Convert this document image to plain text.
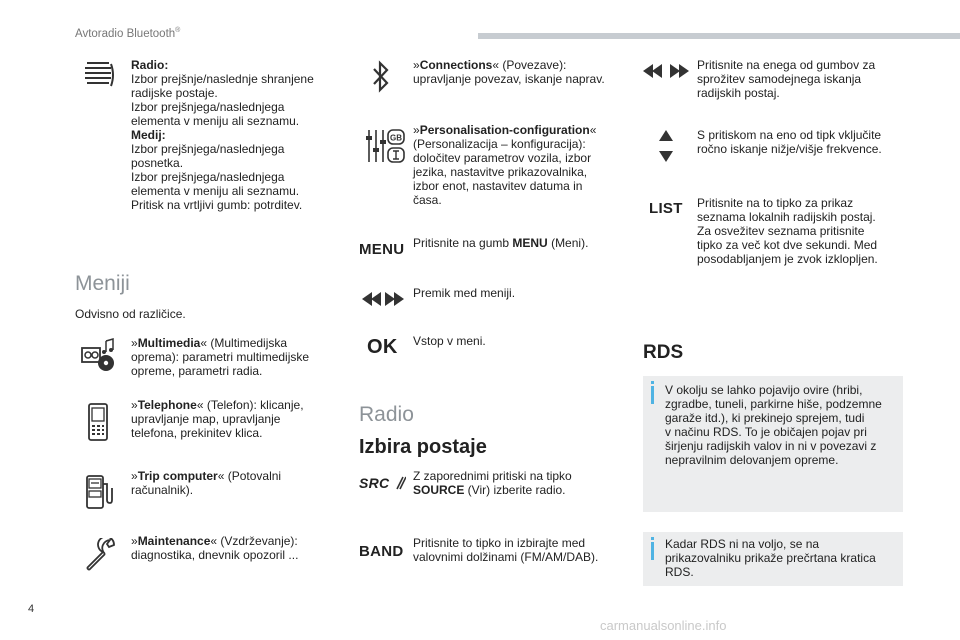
Avtoradio Bluetooth®
Radio:
Izbor prejšnje/naslednje shranjene
radijske postaje.
Izbor prejšnjega/naslednjega
elementa v meniju ali seznamu.
Medij:
Izbor prejšnjega/naslednjega
posnetka.
Izbor prejšnjega/naslednjega
elementa v meniju ali seznamu.
Pritisk na vrtljivi gumb: potrditev.
Meniji
Odvisno od različice.
»Multimedia« (Multimedijska
oprema): parametri multimedijske
opreme, parametri radia.
»Telephone« (Telefon): klicanje,
upravljanje map, upravljanje
telefona, prekinitev klica.
»Trip computer« (Potovalni
računalnik).
»Maintenance« (Vzdrževanje):
diagnostika, dnevnik opozoril ...
»Connections« (Povezave):
upravljanje povezav, iskanje naprav.
GB
»Personalisation-configuration«
(Personalizacija – konfiguracija):
določitev parametrov vozila, izbor
jezika, nastavitve prikazovalnika,
izbor enot, nastavitev datuma in
časa.
MENU Pritisnite na gumb MENU (Meni).
Premik med meniji.
OK Vstop v meni.
Radio
Izbira postaje
SRC	Z zaporednimi pritiski na tipko
SOURCE (Vir) izberite radio.
BAND Pritisnite to tipko in izbirajte med
valovnimi dolžinami (FM/AM/DAB).
Pritisnite na enega od gumbov za
sprožitev samodejnega iskanja
radijskih postaj.
S pritiskom na eno od tipk vključite
ročno iskanje nižje/višje frekvence.
LIST Pritisnite na to tipko za prikaz
seznama lokalnih radijskih postaj.
Za osvežitev seznama pritisnite
tipko za več kot dve sekundi. Med
posodabljanjem je zvok izklopljen.
RDS
V okolju se lahko pojavijo ovire (hribi,
zgradbe, tuneli, parkirne hiše, podzemne
garaže itd.), ki prekinejo sprejem, tudi
v načinu RDS. To je običajen pojav pri
širjenju radijskih valov in ni v povezavi z
nepravilnim delovanjem opreme.
Kadar RDS ni na voljo, se na
prikazovalniku prikaže prečrtana kratica
RDS.
4
carmanualsonline.info
